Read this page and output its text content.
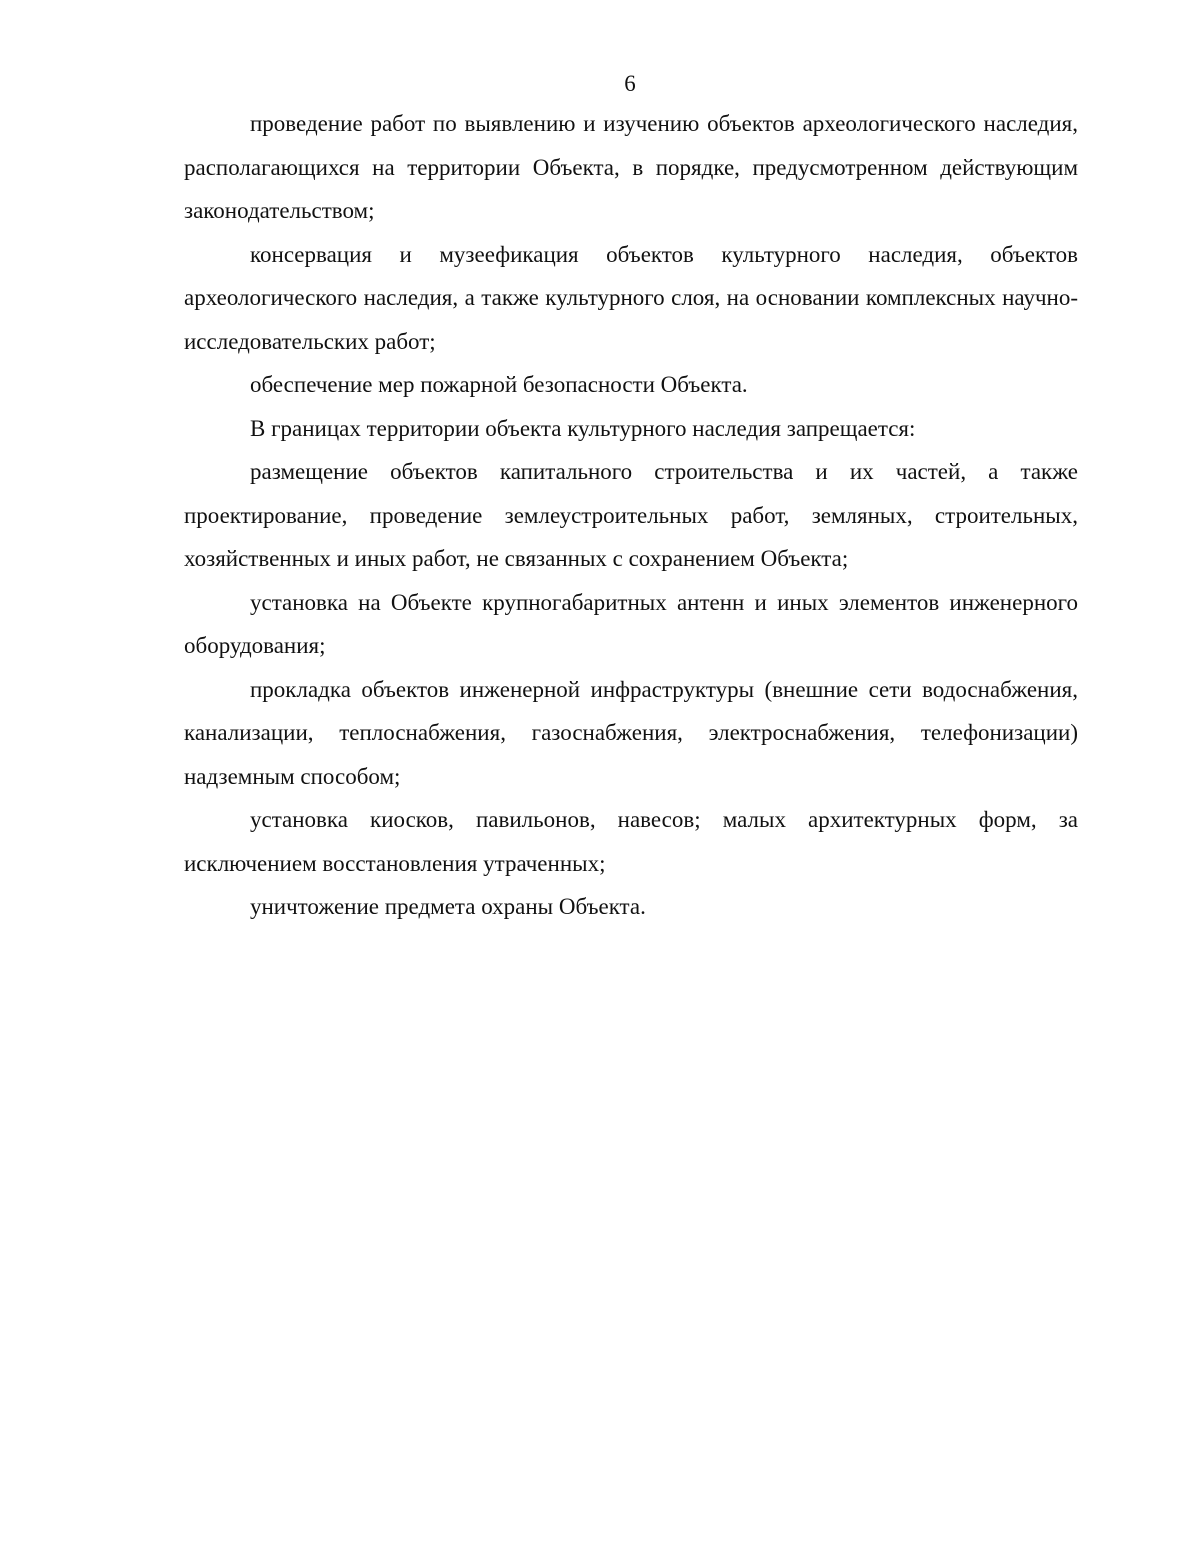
6

проведение работ по выявлению и изучению объектов археологического наследия, располагающихся на территории Объекта, в порядке, предусмотренном действующим законодательством;

консервация и музеефикация объектов культурного наследия, объектов археологического наследия, а также культурного слоя, на основании комплексных научно-исследовательских работ;

обеспечение мер пожарной безопасности Объекта.

В границах территории объекта культурного наследия запрещается:

размещение объектов капитального строительства и их частей, а также проектирование, проведение землеустроительных работ, земляных, строительных, хозяйственных и иных работ, не связанных с сохранением Объекта;

установка на Объекте крупногабаритных антенн и иных элементов инженерного оборудования;

прокладка объектов инженерной инфраструктуры (внешние сети водоснабжения, канализации, теплоснабжения, газоснабжения, электроснабжения, телефонизации) надземным способом;

установка киосков, павильонов, навесов; малых архитектурных форм, за исключением восстановления утраченных;

уничтожение предмета охраны Объекта.
